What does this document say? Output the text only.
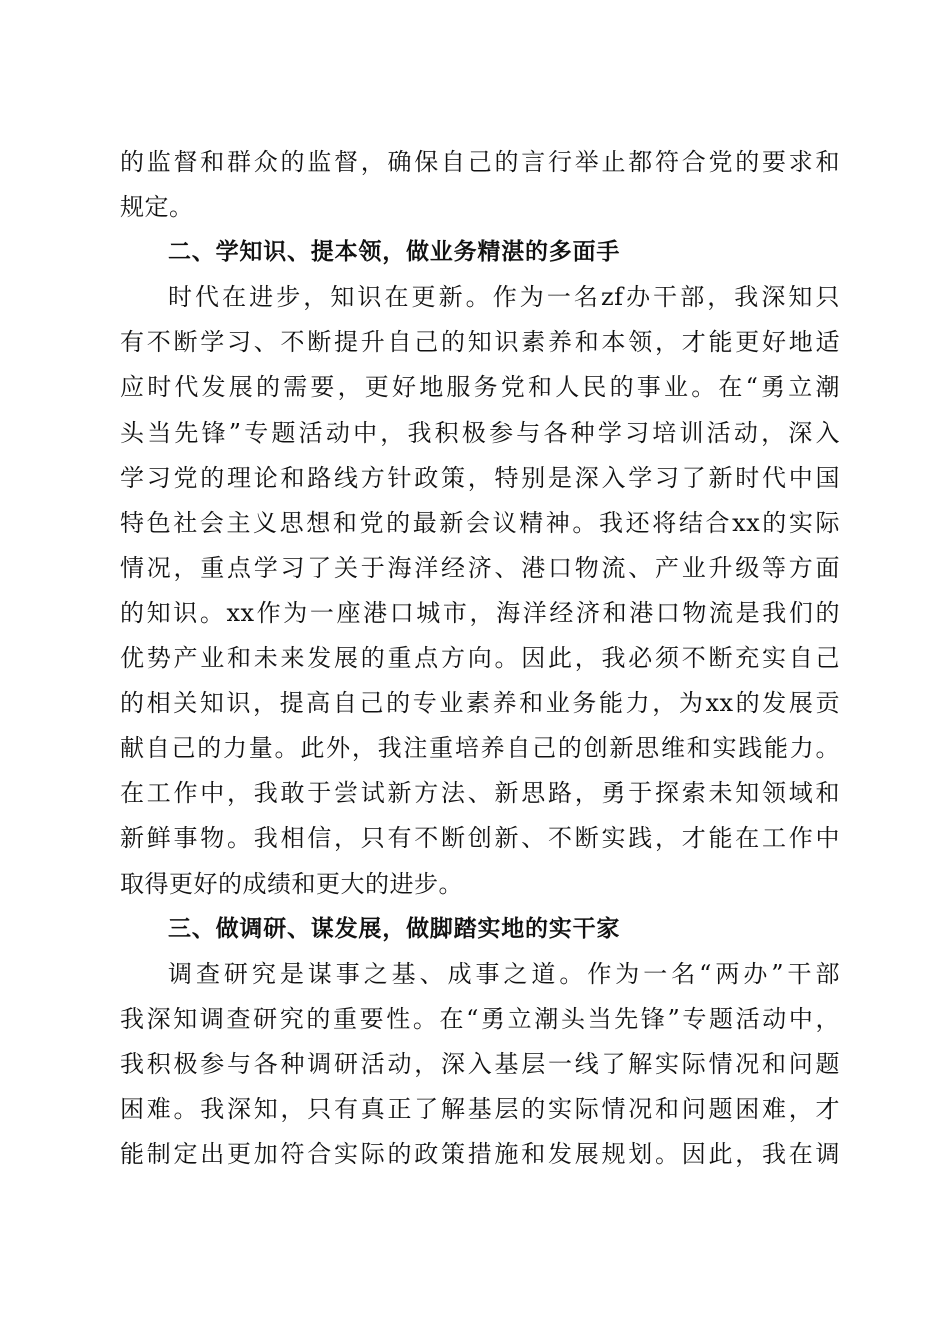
的监督和群众的监督，确保自己的言行举止都符合党的要求和
规定。
二、学知识、提本领，做业务精湛的多面手
时代在进步，知识在更新。作为一名zf办干部，我深知只
有不断学习、不断提升自己的知识素养和本领，才能更好地适
应时代发展的需要，更好地服务党和人民的事业。在“勇立潮
头当先锋”专题活动中，我积极参与各种学习培训活动，深入
学习党的理论和路线方针政策，特别是深入学习了新时代中国
特色社会主义思想和党的最新会议精神。我还将结合xx的实际
情况，重点学习了关于海洋经济、港口物流、产业升级等方面
的知识。xx作为一座港口城市，海洋经济和港口物流是我们的
优势产业和未来发展的重点方向。因此，我必须不断充实自己
的相关知识，提高自己的专业素养和业务能力，为xx的发展贡
献自己的力量。此外，我注重培养自己的创新思维和实践能力。
在工作中，我敢于尝试新方法、新思路，勇于探索未知领域和
新鲜事物。我相信，只有不断创新、不断实践，才能在工作中
取得更好的成绩和更大的进步。
三、做调研、谋发展，做脚踏实地的实干家
调查研究是谋事之基、成事之道。作为一名“两办”干部
我深知调查研究的重要性。在“勇立潮头当先锋”专题活动中，
我积极参与各种调研活动，深入基层一线了解实际情况和问题
困难。我深知，只有真正了解基层的实际情况和问题困难，才
能制定出更加符合实际的政策措施和发展规划。因此，我在调
